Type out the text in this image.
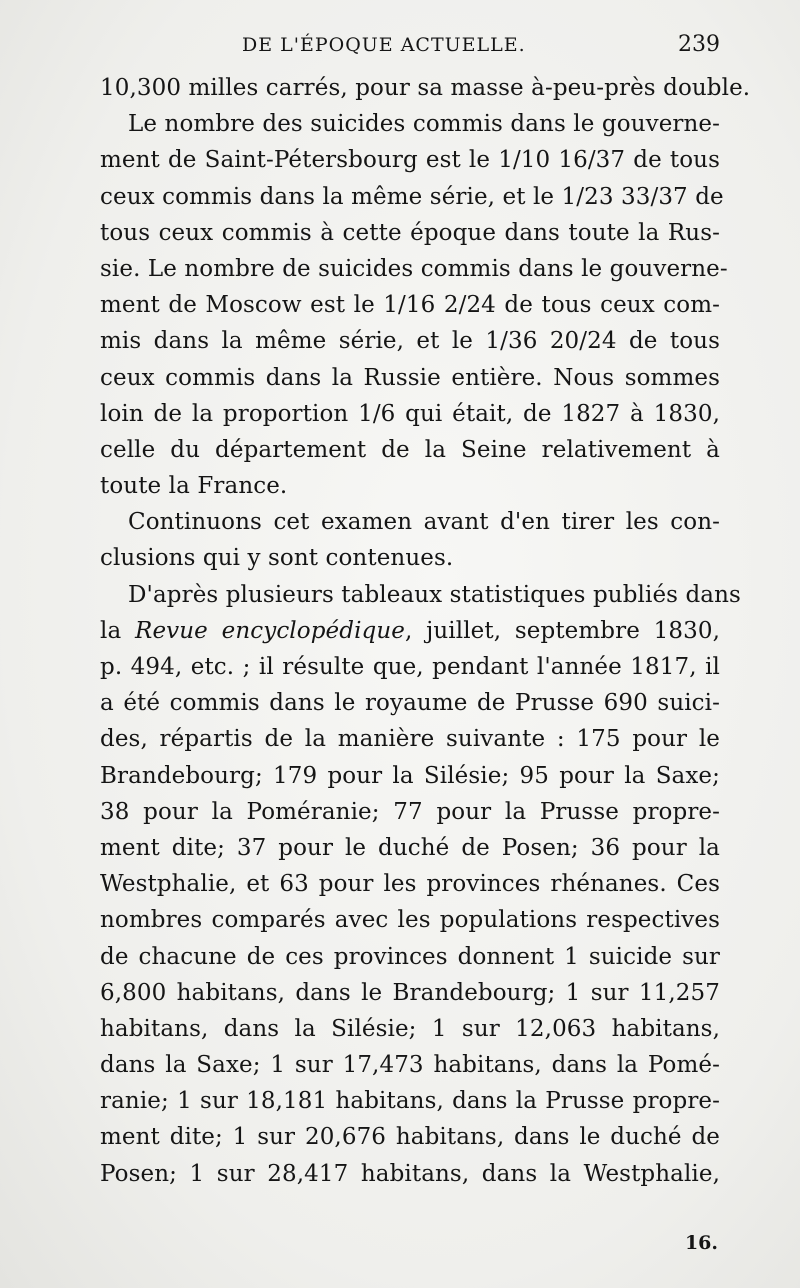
DE L'ÉPOQUE ACTUELLE.	239
10,300 milles carrés, pour sa masse à-peu-près double.
Le nombre des suicides commis dans le gouverne-
ment de Saint-Pétersbourg est le 1/10 16/37 de tous
ceux commis dans la même série, et le 1/23 33/37 de
tous ceux commis à cette époque dans toute la Rus-
sie. Le nombre de suicides commis dans le gouverne-
ment de Moscow est le 1/16 2/24 de tous ceux com-
mis dans la même série, et le 1/36 20/24 de tous
ceux commis dans la Russie entière. Nous sommes
loin de la proportion 1/6 qui était, de 1827 à 1830,
celle du département de la Seine relativement à
toute la France.
Continuons cet examen avant d'en tirer les con-
clusions qui y sont contenues.
D'après plusieurs tableaux statistiques publiés dans
la Revue encyclopédique, juillet, septembre 1830,
p. 494, etc. ; il résulte que, pendant l'année 1817, il
a été commis dans le royaume de Prusse 690 suici-
des, répartis de la manière suivante : 175 pour le
Brandebourg; 179 pour la Silésie; 95 pour la Saxe;
38 pour la Poméranie; 77 pour la Prusse propre-
ment dite; 37 pour le duché de Posen; 36 pour la
Westphalie, et 63 pour les provinces rhénanes. Ces
nombres comparés avec les populations respectives
de chacune de ces provinces donnent 1 suicide sur
6,800 habitans, dans le Brandebourg; 1 sur 11,257
habitans, dans la Silésie; 1 sur 12,063 habitans,
dans la Saxe; 1 sur 17,473 habitans, dans la Pomé-
ranie; 1 sur 18,181 habitans, dans la Prusse propre-
ment dite; 1 sur 20,676 habitans, dans le duché de
Posen; 1 sur 28,417 habitans, dans la Westphalie,
16.
